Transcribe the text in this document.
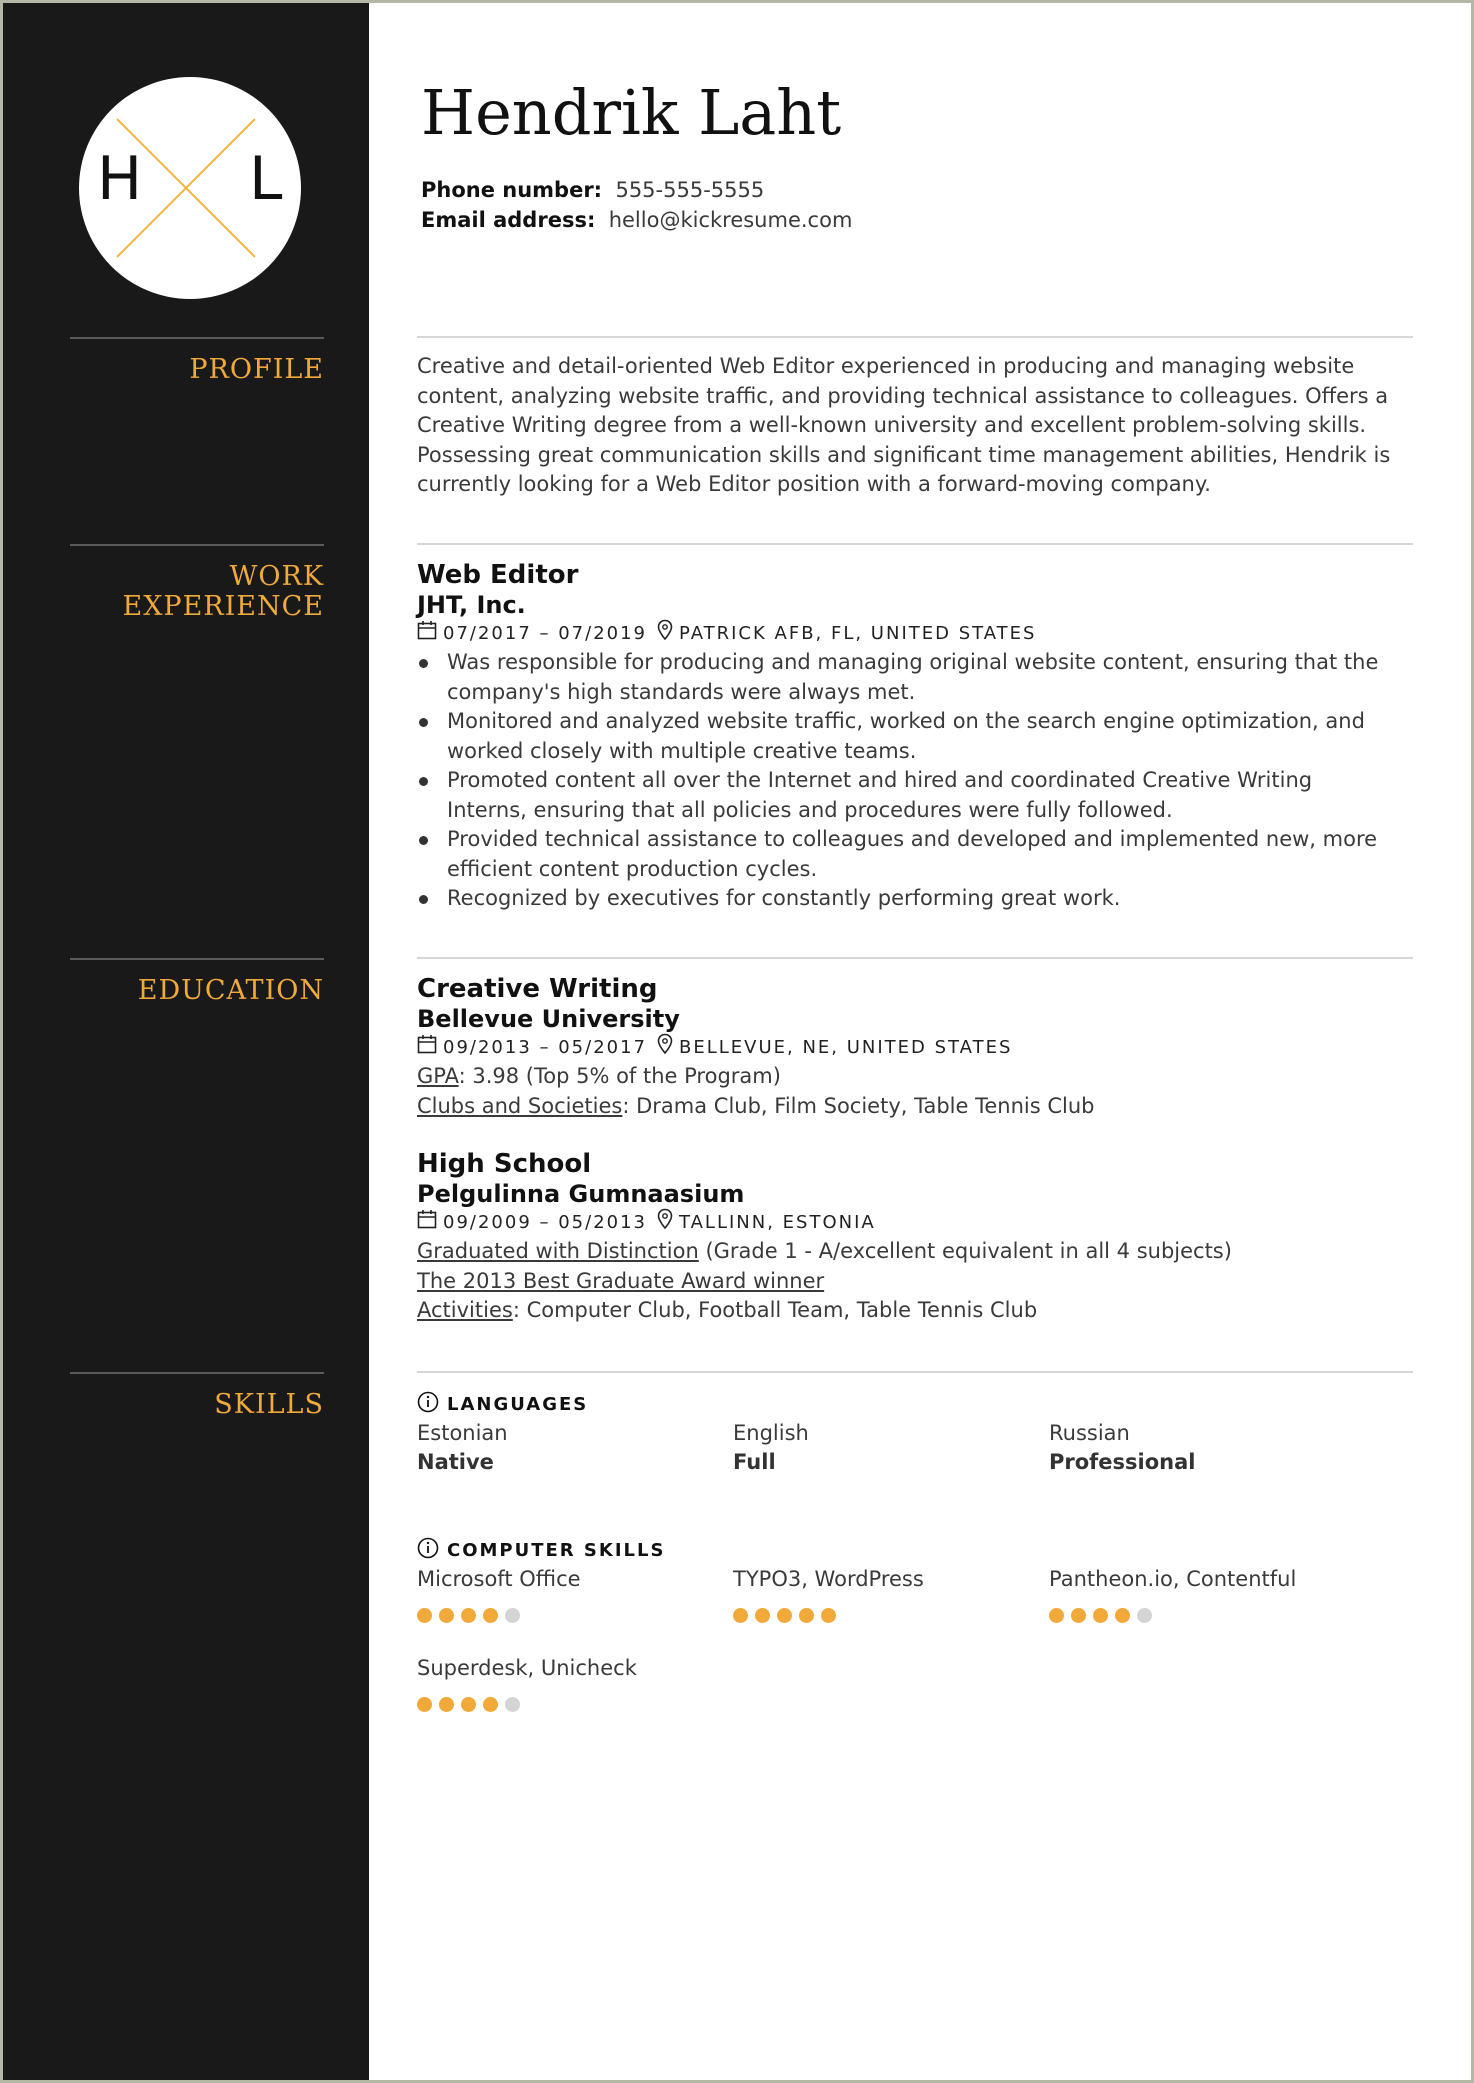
H L
PROFILE
WORK
EXPERIENCE
EDUCATION
SKILLS
Hendrik Laht
Phone number: 555-555-5555
Email address: hello@kickresume.com
Creative and detail-oriented Web Editor experienced in producing and managing website
content, analyzing website traffic, and providing technical assistance to colleagues. Offers a
Creative Writing degree from a well-known university and excellent problem-solving skills.
Possessing great communication skills and significant time management abilities, Hendrik is
currently looking for a Web Editor position with a forward-moving company.
Web Editor
JHT, Inc.
07/2017 – 07/2019 PATRICK AFB, FL, UNITED STATES
Was responsible for producing and managing original website content, ensuring that the
company's high standards were always met.
Monitored and analyzed website traffic, worked on the search engine optimization, and
worked closely with multiple creative teams.
Promoted content all over the Internet and hired and coordinated Creative Writing
Interns, ensuring that all policies and procedures were fully followed.
Provided technical assistance to colleagues and developed and implemented new, more
efficient content production cycles.
Recognized by executives for constantly performing great work.
Creative Writing
Bellevue University
09/2013 – 05/2017 BELLEVUE, NE, UNITED STATES
GPA: 3.98 (Top 5% of the Program)
Clubs and Societies: Drama Club, Film Society, Table Tennis Club
High School
Pelgulinna Gumnaasium
09/2009 – 05/2013 TALLINN, ESTONIA
Graduated with Distinction (Grade 1 - A/excellent equivalent in all 4 subjects)
The 2013 Best Graduate Award winner
Activities: Computer Club, Football Team, Table Tennis Club
LANGUAGES
Estonian
Native
English
Full
Russian
Professional
COMPUTER SKILLS
Microsoft Office	TYPO3, WordPress	Pantheon.io, Contentful
Superdesk, Unicheck
